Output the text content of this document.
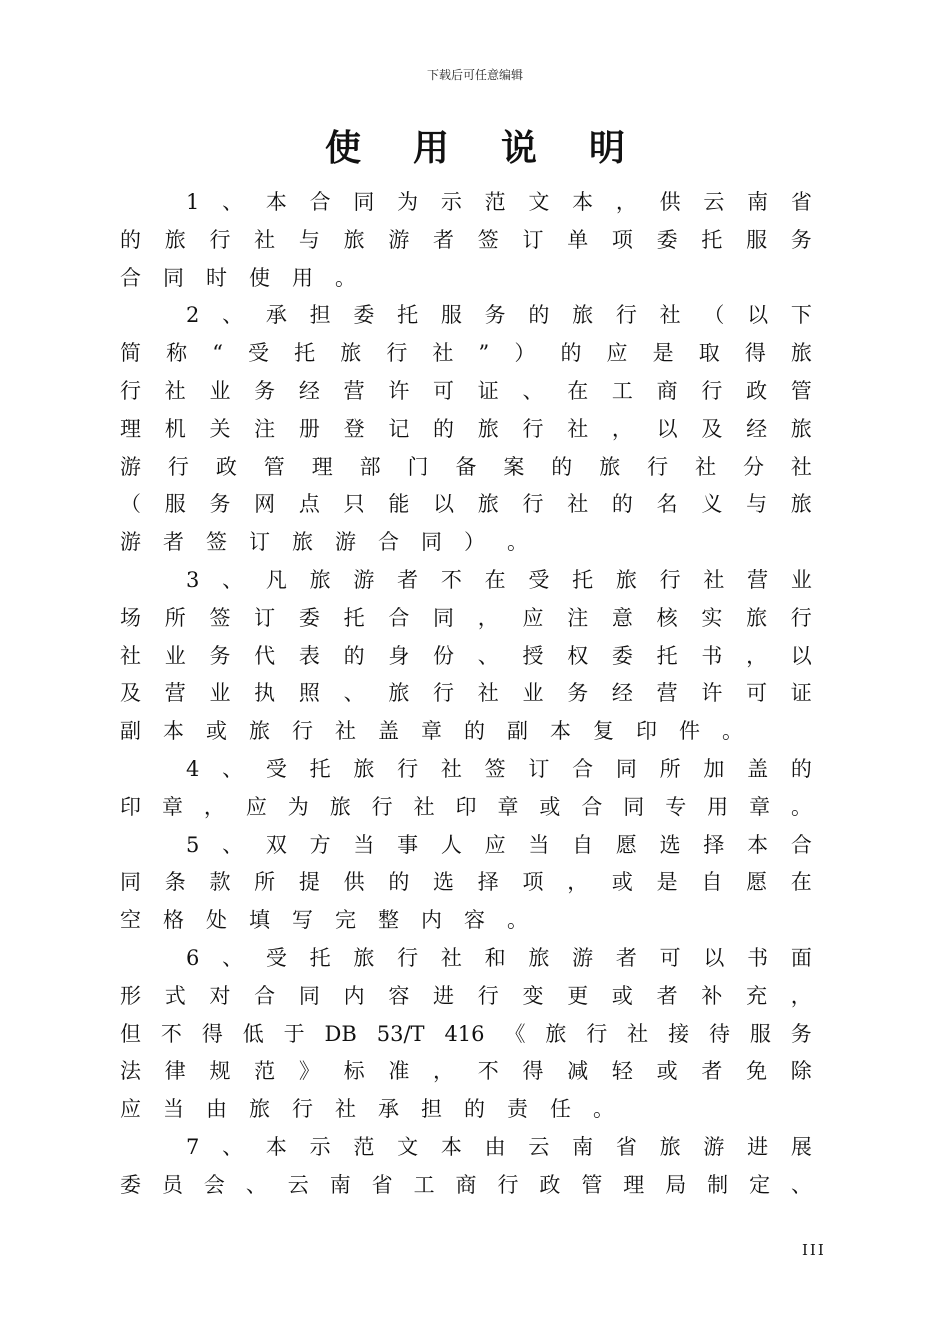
下载后可任意编辑
使用说明
1 、 本 合 同 为 示 范 文 本 ， 供 云 南 省
的 旅 行 社 与 旅 游 者 签 订 单 项 委 托 服 务
合 同 时 使 用 。
2 、 承 担 委 托 服 务 的 旅 行 社 （ 以 下
简 称 “ 受 托 旅 行 社 ” ） 的 应 是 取 得 旅
行 社 业 务 经 营 许 可 证 、 在 工 商 行 政 管
理 机 关 注 册 登 记 的 旅 行 社 ， 以 及 经 旅
游 行 政 管 理 部 门 备 案 的 旅 行 社 分 社
（ 服 务 网 点 只 能 以 旅 行 社 的 名 义 与 旅
游 者 签 订 旅 游 合 同 ） 。
3 、 凡 旅 游 者 不 在 受 托 旅 行 社 营 业
场 所 签 订 委 托 合 同 ， 应 注 意 核 实 旅 行
社 业 务 代 表 的 身 份 、 授 权 委 托 书 ， 以
及 营 业 执 照 、 旅 行 社 业 务 经 营 许 可 证
副 本 或 旅 行 社 盖 章 的 副 本 复 印 件 。
4 、 受 托 旅 行 社 签 订 合 同 所 加 盖 的
印 章 ， 应 为 旅 行 社 印 章 或 合 同 专 用 章 。
5 、 双 方 当 事 人 应 当 自 愿 选 择 本 合
同 条 款 所 提 供 的 选 择 项 ， 或 是 自 愿 在
空 格 处 填 写 完 整 内 容 。
6 、 受 托 旅 行 社 和 旅 游 者 可 以 书 面
形 式 对 合 同 内 容 进 行 变 更 或 者 补 充 ，
但 不 得 低 于 DB 53/T 416 《 旅 行 社 接 待 服 务
法 律 规 范 》 标 准 ， 不 得 减 轻 或 者 免 除
应 当 由 旅 行 社 承 担 的 责 任 。
7 、 本 示 范 文 本 由 云 南 省 旅 游 进 展
委 员 会 、 云 南 省 工 商 行 政 管 理 局 制 定 、
III
